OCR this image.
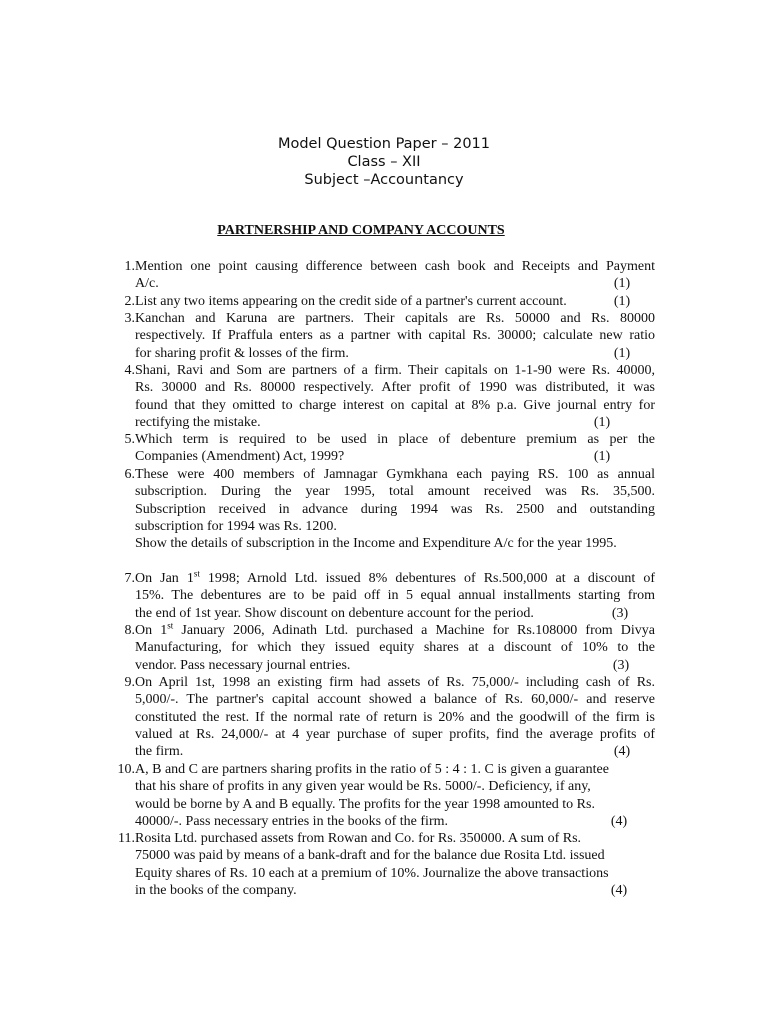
Model Question Paper – 2011
Class – XII
Subject –Accountancy
PARTNERSHIP AND COMPANY ACCOUNTS
1. Mention one point causing difference between cash book and Receipts and Payment
A/c.	(1)
2. List any two items appearing on the credit side of a partner's current account.	(1)
3. Kanchan and Karuna are partners. Their capitals are Rs. 50000 and Rs. 80000
respectively. If Praffula enters as a partner with capital Rs. 30000; calculate new ratio
for sharing profit & losses of the firm.	(1)
4. Shani, Ravi and Som are partners of a firm. Their capitals on 1-1-90 were Rs. 40000,
Rs. 30000 and Rs. 80000 respectively. After profit of 1990 was distributed, it was
found that they omitted to charge interest on capital at 8% p.a. Give journal entry for
rectifying the mistake.	(1)
5. Which term is required to be used in place of debenture premium as per the
Companies (Amendment) Act, 1999?	(1)
6. These were 400 members of Jamnagar Gymkhana each paying RS. 100 as annual
subscription. During the year 1995, total amount received was Rs. 35,500.
Subscription received in advance during 1994 was Rs. 2500 and outstanding
subscription for 1994 was Rs. 1200.
Show the details of subscription in the Income and Expenditure A/c for the year 1995.
7. On Jan 1st 1998; Arnold Ltd. issued 8% debentures of Rs.500,000 at a discount of
15%. The debentures are to be paid off in 5 equal annual installments starting from
the end of 1st year. Show discount on debenture account for the period.	(3)
8. On 1st January 2006, Adinath Ltd. purchased a Machine for Rs.108000 from Divya
Manufacturing, for which they issued equity shares at a discount of 10% to the
vendor. Pass necessary journal entries.	(3)
9. On April 1st, 1998 an existing firm had assets of Rs. 75,000/- including cash of Rs.
5,000/-. The partner's capital account showed a balance of Rs. 60,000/- and reserve
constituted the rest. If the normal rate of return is 20% and the goodwill of the firm is
valued at Rs. 24,000/- at 4 year purchase of super profits, find the average profits of
the firm.	(4)
10. A, B and C are partners sharing profits in the ratio of 5 : 4 : 1. C is given a guarantee
that his share of profits in any given year would be Rs. 5000/-. Deficiency, if any,
would be borne by A and B equally. The profits for the year 1998 amounted to Rs.
40000/-. Pass necessary entries in the books of the firm.	(4)
11. Rosita Ltd. purchased assets from Rowan and Co. for Rs. 350000. A sum of Rs.
75000 was paid by means of a bank-draft and for the balance due Rosita Ltd. issued
Equity shares of Rs. 10 each at a premium of 10%. Journalize the above transactions
in the books of the company.	(4)
